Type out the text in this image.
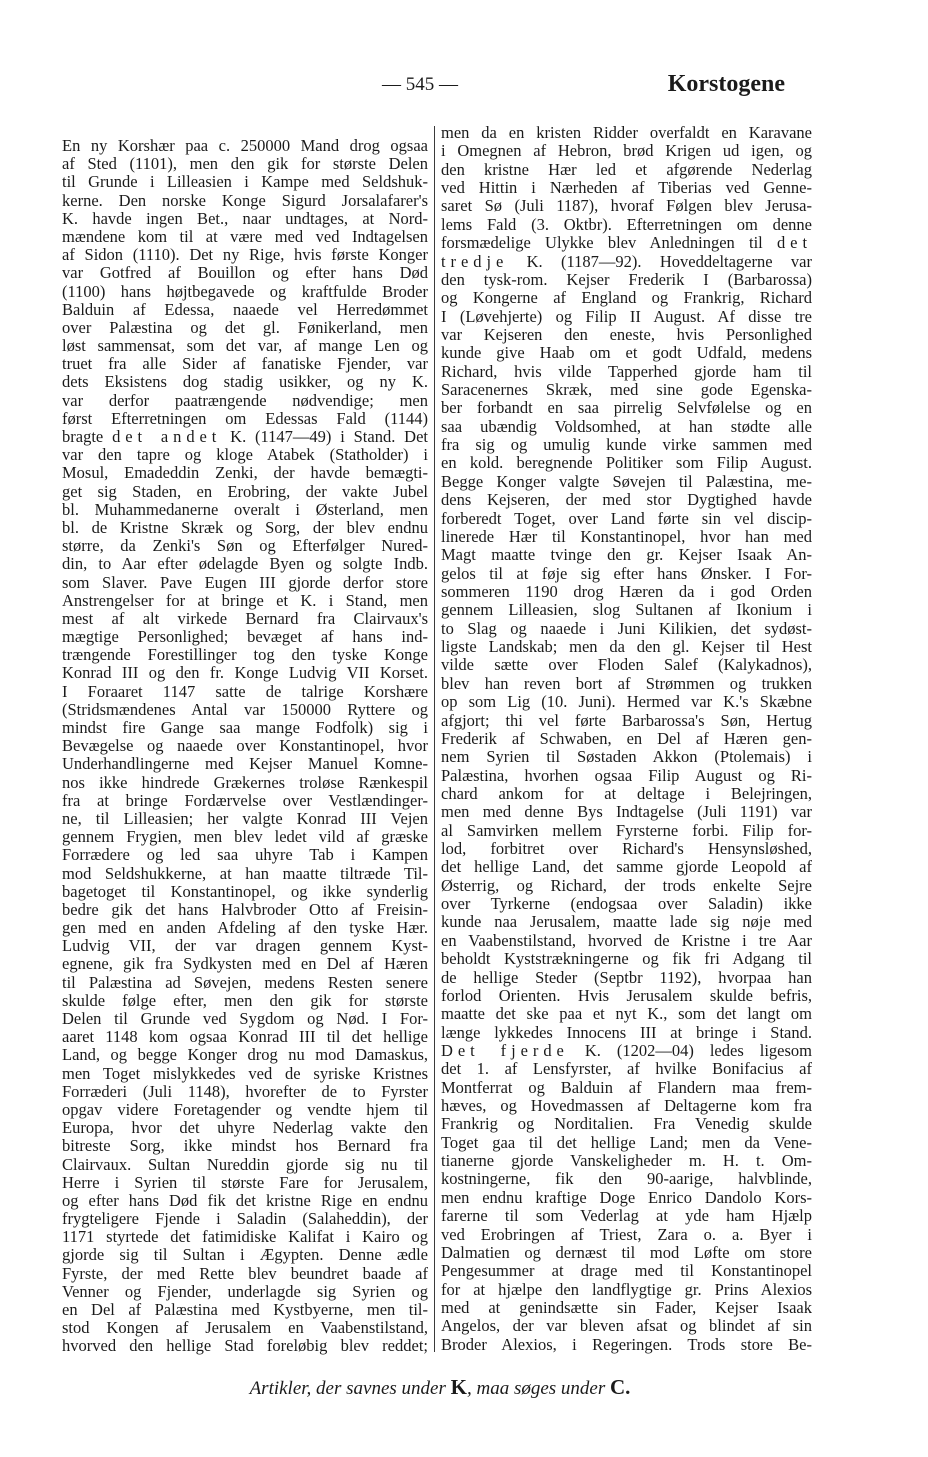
— 545 —	Korstogene
En ny Korshær paa c. 250000 Mand drog ogsaa
af Sted (1101), men den gik for største Delen
til Grunde i Lilleasien i Kampe med Seldshuk-
kerne. Den norske Konge Sigurd Jorsalafarer's
K. havde ingen Bet., naar undtages, at Nord-
mændene kom til at være med ved Indtagelsen
af Sidon (1110). Det ny Rige, hvis første Konger
var Gotfred af Bouillon og efter hans Død
(1100) hans højtbegavede og kraftfulde Broder
Balduin af Edessa, naaede vel Herredømmet
over Palæstina og det gl. Fønikerland, men
løst sammensat, som det var, af mange Len og
truet fra alle Sider af fanatiske Fjender, var
dets Eksistens dog stadig usikker, og ny K.
var derfor paatrængende nødvendige; men
først Efterretningen om Edessas Fald (1144)
bragte det andet K. (1147—49) i Stand. Det
var den tapre og kloge Atabek (Statholder) i
Mosul, Emadeddin Zenki, der havde bemægti-
get sig Staden, en Erobring, der vakte Jubel
bl. Muhammedanerne overalt i Østerland, men
bl. de Kristne Skræk og Sorg, der blev endnu
større, da Zenki's Søn og Efterfølger Nured-
din, to Aar efter ødelagde Byen og solgte Indb.
som Slaver. Pave Eugen III gjorde derfor store
Anstrengelser for at bringe et K. i Stand, men
mest af alt virkede Bernard fra Clairvaux's
mægtige Personlighed; bevæget af hans ind-
trængende Forestillinger tog den tyske Konge
Konrad III og den fr. Konge Ludvig VII Korset.
I Foraaret 1147 satte de talrige Korshære
(Stridsmændenes Antal var 150000 Ryttere og
mindst fire Gange saa mange Fodfolk) sig i
Bevægelse og naaede over Konstantinopel, hvor
Underhandlingerne med Kejser Manuel Komne-
nos ikke hindrede Grækernes troløse Rænkespil
fra at bringe Fordærvelse over Vestlændinger-
ne, til Lilleasien; her valgte Konrad III Vejen
gennem Frygien, men blev ledet vild af græske
Forrædere og led saa uhyre Tab i Kampen
mod Seldshukkerne, at han maatte tiltræde Til-
bagetoget til Konstantinopel, og ikke synderlig
bedre gik det hans Halvbroder Otto af Freisin-
gen med en anden Afdeling af den tyske Hær.
Ludvig VII, der var dragen gennem Kyst-
egnene, gik fra Sydkysten med en Del af Hæren
til Palæstina ad Søvejen, medens Resten senere
skulde følge efter, men den gik for største
Delen til Grunde ved Sygdom og Nød. I For-
aaret 1148 kom ogsaa Konrad III til det hellige
Land, og begge Konger drog nu mod Damaskus,
men Toget mislykkedes ved de syriske Kristnes
Forræderi (Juli 1148), hvorefter de to Fyrster
opgav videre Foretagender og vendte hjem til
Europa, hvor det uhyre Nederlag vakte den
bitreste Sorg, ikke mindst hos Bernard fra
Clairvaux. Sultan Nureddin gjorde sig nu til
Herre i Syrien til største Fare for Jerusalem,
og efter hans Død fik det kristne Rige en endnu
frygteligere Fjende i Saladin (Salaheddin), der
1171 styrtede det fatimidiske Kalifat i Kairo og
gjorde sig til Sultan i Ægypten. Denne ædle
Fyrste, der med Rette blev beundret baade af
Venner og Fjender, underlagde sig Syrien og
en Del af Palæstina med Kystbyerne, men til-
stod Kongen af Jerusalem en Vaabenstilstand,
hvorved den hellige Stad foreløbig blev reddet;
men da en kristen Ridder overfaldt en Karavane
i Omegnen af Hebron, brød Krigen ud igen, og
den kristne Hær led et afgørende Nederlag
ved Hittin i Nærheden af Tiberias ved Genne-
saret Sø (Juli 1187), hvoraf Følgen blev Jerusa-
lems Fald (3. Oktbr). Efterretningen om denne
forsmædelige Ulykke blev Anledningen til det
tredje K. (1187—92). Hoveddeltagerne var
den tysk-rom. Kejser Frederik I (Barbarossa)
og Kongerne af England og Frankrig, Richard
I (Løvehjerte) og Filip II August. Af disse tre
var Kejseren den eneste, hvis Personlighed
kunde give Haab om et godt Udfald, medens
Richard, hvis vilde Tapperhed gjorde ham til
Saracenernes Skræk, med sine gode Egenska-
ber forbandt en saa pirrelig Selvfølelse og en
saa ubændig Voldsomhed, at han stødte alle
fra sig og umulig kunde virke sammen med
en kold. beregnende Politiker som Filip August.
Begge Konger valgte Søvejen til Palæstina, me-
dens Kejseren, der med stor Dygtighed havde
forberedt Toget, over Land førte sin vel discip-
linerede Hær til Konstantinopel, hvor han med
Magt maatte tvinge den gr. Kejser Isaak An-
gelos til at føje sig efter hans Ønsker. I For-
sommeren 1190 drog Hæren da i god Orden
gennem Lilleasien, slog Sultanen af Ikonium i
to Slag og naaede i Juni Kilikien, det sydøst-
ligste Landskab; men da den gl. Kejser til Hest
vilde sætte over Floden Salef (Kalykadnos),
blev han reven bort af Strømmen og trukken
op som Lig (10. Juni). Hermed var K.'s Skæbne
afgjort; thi vel førte Barbarossa's Søn, Hertug
Frederik af Schwaben, en Del af Hæren gen-
nem Syrien til Søstaden Akkon (Ptolemais) i
Palæstina, hvorhen ogsaa Filip August og Ri-
chard ankom for at deltage i Belejringen,
men med denne Bys Indtagelse (Juli 1191) var
al Samvirken mellem Fyrsterne forbi. Filip for-
lod, forbitret over Richard's Hensynsløshed,
det hellige Land, det samme gjorde Leopold af
Østerrig, og Richard, der trods enkelte Sejre
over Tyrkerne (endogsaa over Saladin) ikke
kunde naa Jerusalem, maatte lade sig nøje med
en Vaabenstilstand, hvorved de Kristne i tre Aar
beholdt Kyststrækningerne og fik fri Adgang til
de hellige Steder (Septbr 1192), hvorpaa han
forlod Orienten. Hvis Jerusalem skulde befris,
maatte det ske paa et nyt K., som det langt om
længe lykkedes Innocens III at bringe i Stand.
Det fjerde K. (1202—04) ledes ligesom
det 1. af Lensfyrster, af hvilke Bonifacius af
Montferrat og Balduin af Flandern maa frem-
hæves, og Hovedmassen af Deltagerne kom fra
Frankrig og Norditalien. Fra Venedig skulde
Toget gaa til det hellige Land; men da Vene-
tianerne gjorde Vanskeligheder m. H. t. Om-
kostningerne, fik den 90-aarige, halvblinde,
men endnu kraftige Doge Enrico Dandolo Kors-
farerne til som Vederlag at yde ham Hjælp
ved Erobringen af Triest, Zara o. a. Byer i
Dalmatien og dernæst til mod Løfte om store
Pengesummer at drage med til Konstantinopel
for at hjælpe den landflygtige gr. Prins Alexios
med at genindsætte sin Fader, Kejser Isaak
Angelos, der var bleven afsat og blindet af sin
Broder Alexios, i Regeringen. Trods store Be-
Artikler, der savnes under K, maa søges under C.
